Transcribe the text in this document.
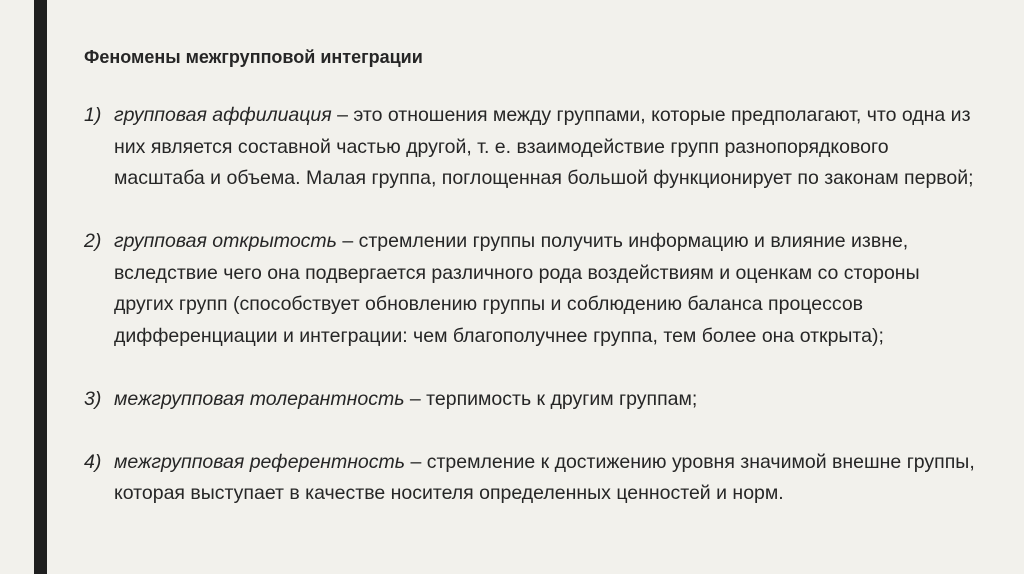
Феномены межгрупповой интеграции
1) групповая аффилиация – это отношения между группами, которые предполагают, что одна из них является составной частью другой, т. е. взаимодействие групп разнопорядкового масштаба и объема. Малая группа, поглощенная большой функционирует по законам первой;
2) групповая открытость – стремлении группы получить информацию и влияние извне, вследствие чего она подвергается различного рода воздействиям и оценкам со стороны других групп (способствует обновлению группы и соблюдению баланса процессов дифференциации и интеграции: чем благополучнее группа, тем более она открыта);
3) межгрупповая толерантность – терпимость к другим группам;
4) межгрупповая референтность – стремление к достижению уровня значимой внешне группы, которая выступает в качестве носителя определенных ценностей и норм.
